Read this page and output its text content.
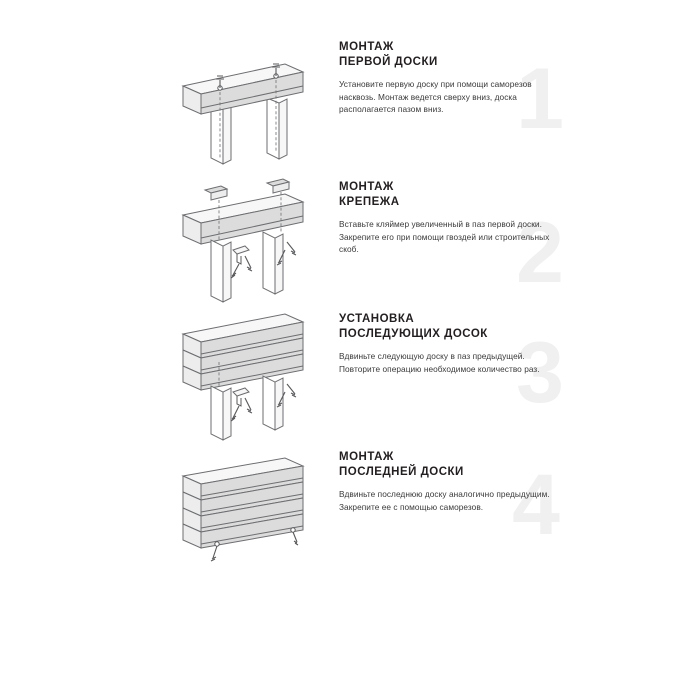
1
МОНТАЖ
ПЕРВОЙ ДОСКИ

Установите первую доску при помощи саморезов насквозь. Монтаж ведется сверху вниз, доска располагается пазом вниз.

2
МОНТАЖ
КРЕПЕЖА

Вставьте кляймер увеличенный в паз первой доски. Закрепите его при помощи гвоздей или строительных скоб.

3
УСТАНОВКА
ПОСЛЕДУЮЩИХ ДОСОК

Вдвиньте следующую доску в паз предыдущей. Повторите операцию необходимое количество раз.

4
МОНТАЖ
ПОСЛЕДНЕЙ ДОСКИ

Вдвиньте последнюю доску аналогично предыдущим. Закрепите ее с помощью саморезов.
